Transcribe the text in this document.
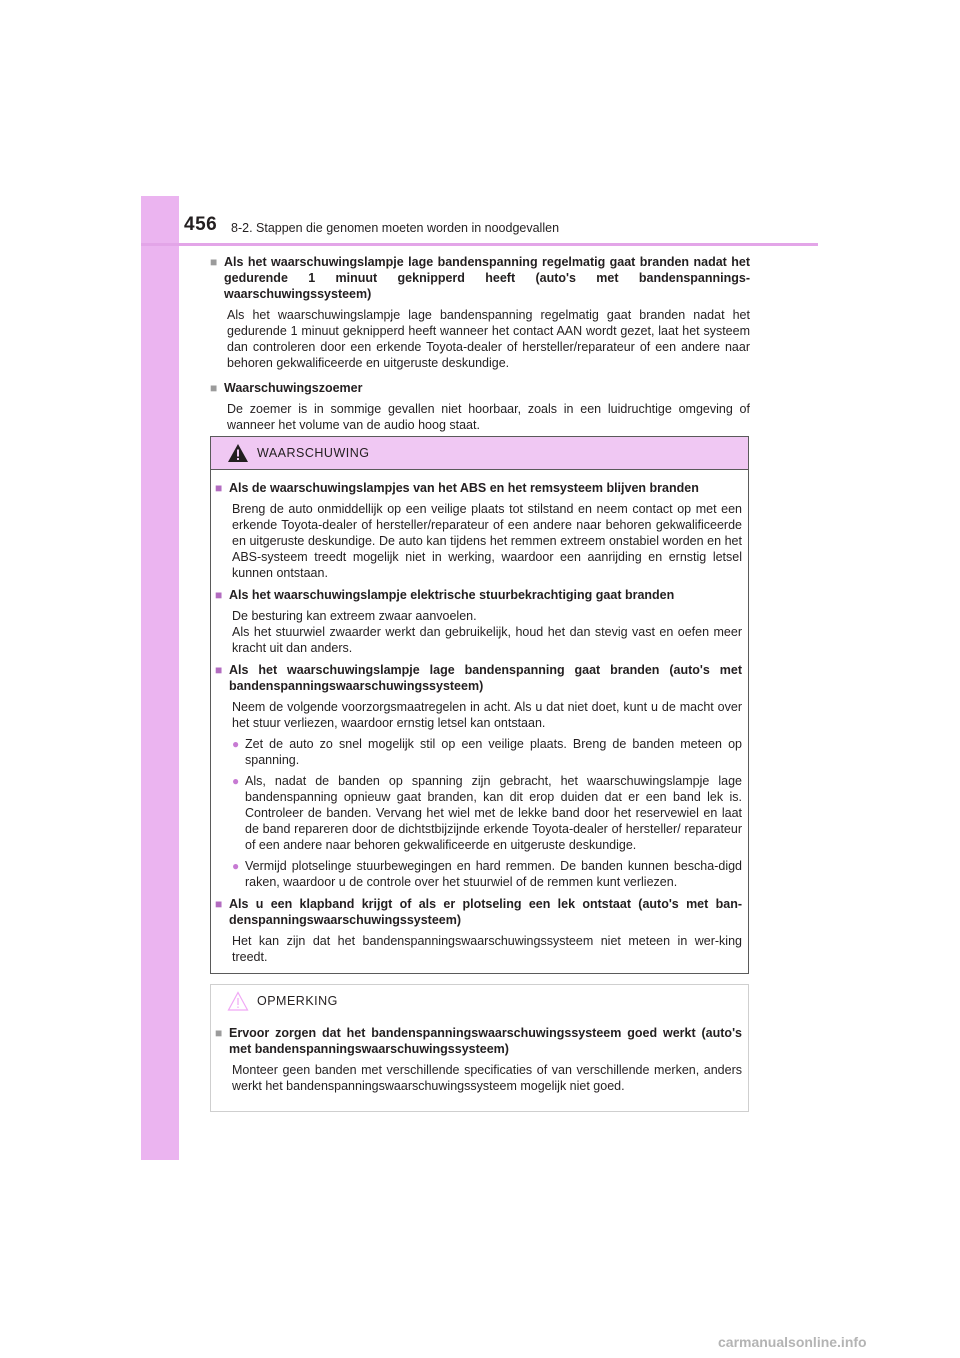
456 8-2. Stappen die genomen moeten worden in noodgevallen
■ Als het waarschuwingslampje lage bandenspanning regelmatig gaat branden nadat het gedurende 1 minuut geknipperd heeft (auto's met bandenspannings-waarschuwingssysteem)
Als het waarschuwingslampje lage bandenspanning regelmatig gaat branden nadat het gedurende 1 minuut geknipperd heeft wanneer het contact AAN wordt gezet, laat het systeem dan controleren door een erkende Toyota-dealer of hersteller/reparateur of een andere naar behoren gekwalificeerde en uitgeruste deskundige.
■ Waarschuwingszoemer
De zoemer is in sommige gevallen niet hoorbaar, zoals in een luidruchtige omgeving of wanneer het volume van de audio hoog staat.
WAARSCHUWING
■ Als de waarschuwingslampjes van het ABS en het remsysteem blijven branden
Breng de auto onmiddellijk op een veilige plaats tot stilstand en neem contact op met een erkende Toyota-dealer of hersteller/reparateur of een andere naar behoren gekwalificeerde en uitgeruste deskundige. De auto kan tijdens het remmen extreem onstabiel worden en het ABS-systeem treedt mogelijk niet in werking, waardoor een aanrijding en ernstig letsel kunnen ontstaan.
■ Als het waarschuwingslampje elektrische stuurbekrachtiging gaat branden
De besturing kan extreem zwaar aanvoelen.
Als het stuurwiel zwaarder werkt dan gebruikelijk, houd het dan stevig vast en oefen meer kracht uit dan anders.
■ Als het waarschuwingslampje lage bandenspanning gaat branden (auto's met bandenspanningswaarschuwingssysteem)
Neem de volgende voorzorgsmaatregelen in acht. Als u dat niet doet, kunt u de macht over het stuur verliezen, waardoor ernstig letsel kan ontstaan.
● Zet de auto zo snel mogelijk stil op een veilige plaats. Breng de banden meteen op spanning.
● Als, nadat de banden op spanning zijn gebracht, het waarschuwingslampje lage bandenspanning opnieuw gaat branden, kan dit erop duiden dat er een band lek is. Controleer de banden. Vervang het wiel met de lekke band door het reservewiel en laat de band repareren door de dichtstbijzijnde erkende Toyota-dealer of hersteller/ reparateur of een andere naar behoren gekwalificeerde en uitgeruste deskundige.
● Vermijd plotselinge stuurbewegingen en hard remmen. De banden kunnen bescha-digd raken, waardoor u de controle over het stuurwiel of de remmen kunt verliezen.
■ Als u een klapband krijgt of als er plotseling een lek ontstaat (auto's met ban-denspanningswaarschuwingssysteem)
Het kan zijn dat het bandenspanningswaarschuwingssysteem niet meteen in wer-king treedt.
OPMERKING
■ Ervoor zorgen dat het bandenspanningswaarschuwingssysteem goed werkt (auto's met bandenspanningswaarschuwingssysteem)
Monteer geen banden met verschillende specificaties of van verschillende merken, anders werkt het bandenspanningswaarschuwingssysteem mogelijk niet goed.
carmanualsonline.info
